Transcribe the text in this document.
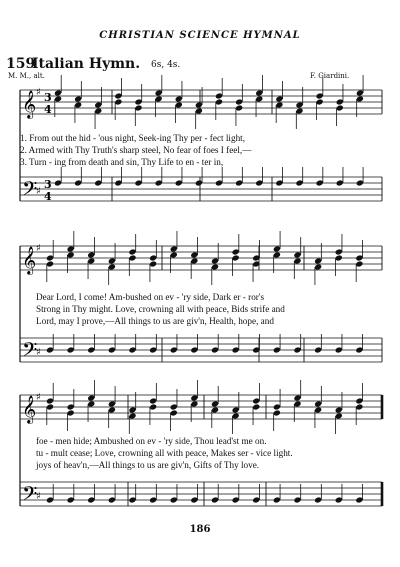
CHRISTIAN SCIENCE HYMNAL
159
Italian Hymn. 6s, 4s.
M. M., alt.	F. Giardini.
𝄞 ♯ 3
4
𝄢
♯
3
4
𝄞 ♯
𝄢
♯
𝄞 ♯
𝄢
♯
1. From out the hid - 'ous night, Seek-ing Thy per - fect light,
2. Armed with Thy Truth's sharp steel, No fear of foes I feel,—
3. Turn - ing from death and sin, Thy Life to en - ter in,
Dear Lord, I come! Am-bushed on ev - 'ry side, Dark er - ror's
Strong in Thy might. Love, crowning all with peace, Bids strife and
Lord, may I prove,—All things to us are giv'n, Health, hope, and
foe - men hide; Ambushed on ev - 'ry side, Thou lead'st me on.
tu - mult cease; Love, crowning all with peace, Makes ser - vice light.
joys of heav'n,—All things to us are giv'n, Gifts of Thy love.
186
